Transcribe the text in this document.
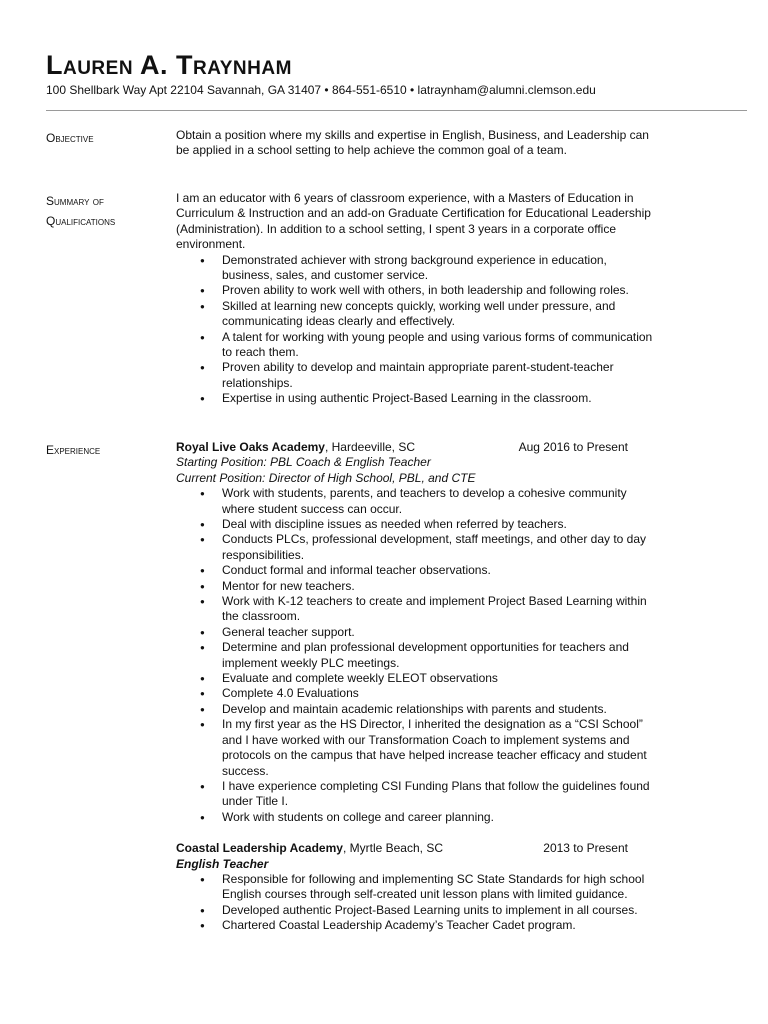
Lauren A. Traynham
100 Shellbark Way Apt 22104 Savannah, GA 31407 • 864-551-6510 • latraynham@alumni.clemson.edu
Objective	Obtain a position where my skills and expertise in English, Business, and Leadership can be applied in a school setting to help achieve the common goal of a team.

Summary of
Qualifications

I am an educator with 6 years of classroom experience, with a Masters of Education in Curriculum & Instruction and an add-on Graduate Certification for Educational Leadership (Administration). In addition to a school setting, I spent 3 years in a corporate office environment.

● Demonstrated achiever with strong background experience in education, business, sales, and customer service.
● Proven ability to work well with others, in both leadership and following roles.
● Skilled at learning new concepts quickly, working well under pressure, and communicating ideas clearly and effectively.
● A talent for working with young people and using various forms of communication to reach them.
● Proven ability to develop and maintain appropriate parent-student-teacher relationships.
● Expertise in using authentic Project-Based Learning in the classroom.
Experience	Royal Live Oaks Academy, Hardeeville, SC	Aug 2016 to Present

Starting Position: PBL Coach & English Teacher

Current Position: Director of High School, PBL, and CTE

● Work with students, parents, and teachers to develop a cohesive community where student success can occur.
● Deal with discipline issues as needed when referred by teachers.
● Conducts PLCs, professional development, staff meetings, and other day to day responsibilities.
● Conduct formal and informal teacher observations.
● Mentor for new teachers.
● Work with K-12 teachers to create and implement Project Based Learning within the classroom.
● General teacher support.
● Determine and plan professional development opportunities for teachers and implement weekly PLC meetings.
● Evaluate and complete weekly ELEOT observations
● Complete 4.0 Evaluations
● Develop and maintain academic relationships with parents and students.
● In my first year as the HS Director, I inherited the designation as a “CSI School” and I have worked with our Transformation Coach to implement systems and protocols on the campus that have helped increase teacher efficacy and student success.
● I have experience completing CSI Funding Plans that follow the guidelines found under Title I.
● Work with students on college and career planning.
Coastal Leadership Academy, Myrtle Beach, SC	2013 to Present

English Teacher

● Responsible for following and implementing SC State Standards for high school English courses through self-created unit lesson plans with limited guidance.
● Developed authentic Project-Based Learning units to implement in all courses.
● Chartered Coastal Leadership Academy’s Teacher Cadet program.
